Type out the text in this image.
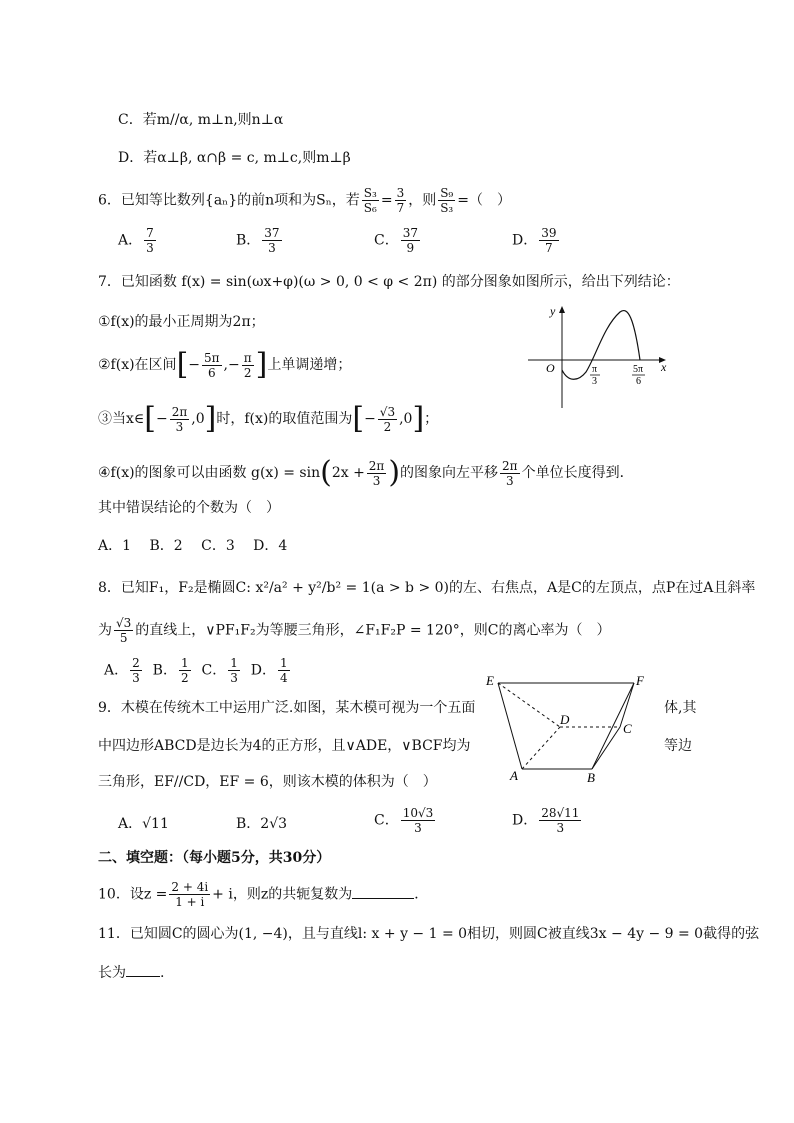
C．若m//α, m⊥n,则n⊥α
D．若α⊥β, α∩β = c, m⊥c,则m⊥β
6．已知等比数列{aₙ}的前n项和为Sₙ，若 $\frac{\text{S₃}}{\text{S₆}} = \frac{3}{7}$ ，则 $\frac{\text{S₉}}{\text{S₃}}$ =（　）
A． $\frac{7}{3}$	B． $\frac{37}{3}$	C． $\frac{37}{9}$	D． $\frac{39}{7}$
7．已知函数 f(x) = sin(ωx+φ)(ω > 0, 0 < φ < 2π) 的部分图象如图所示，给出下列结论：
①f(x)的最小正周期为2π；
②f(x)在区间[− $\frac{5\pi}{6}$ ,− $\frac{\pi}{2}$ ]上单调递增；
③当x∈[− $\frac{2\pi}{3} ,0$]时，f(x)的取值范围为[− $\frac{√3}{2} ,0$]；
④f(x)的图象可以由函数 $g(x) = \sin(2x + \frac{2\pi}{3}$ )的图象向左平移 $\frac{2\pi}{3}$ 个单位长度得到．
其中错误结论的个数为（　）
A．1　 B．2　 C．3　 D．4
y
x
O	π
3
5π
6
8．已知F₁，F₂是椭圆C: x²/a² + y²/b² = 1(a > b > 0)的左、右焦点，A是C的左顶点，点P在过A且斜率
为 $\frac{√3}{5}$ 的直线上，∨PF₁F₂为等腰三角形，∠F₁F₂P = 120°，则C的离心率为（　）
A． $\frac{2}{3}$ B． $\frac{1}{2}$ C． $\frac{1}{3}$ D． $\frac{1}{4}$
9．木模在传统木工中运用广泛.如图，某木模可视为一个五面	体,其
中四边形ABCD是边长为4的正方形，且∨ADE，∨BCF均为	等边
三角形，EF//CD，EF = 6，则该木模的体积为（　）
E	F
D
C
A	B
A．√11	B．2√3	C． $\frac{10√3}{3}$	D． $\frac{28√11}{3}$
二、填空题：（每小题5分，共30分）
10．设$z = \frac{2 + 4i}{1 + i} + i$，则z的共轭复数为	．
11．已知圆C的圆心为(1, −4)，且与直线l: x + y − 1 = 0相切，则圆C被直线3x − 4y − 9 = 0截得的弦
长为 .
